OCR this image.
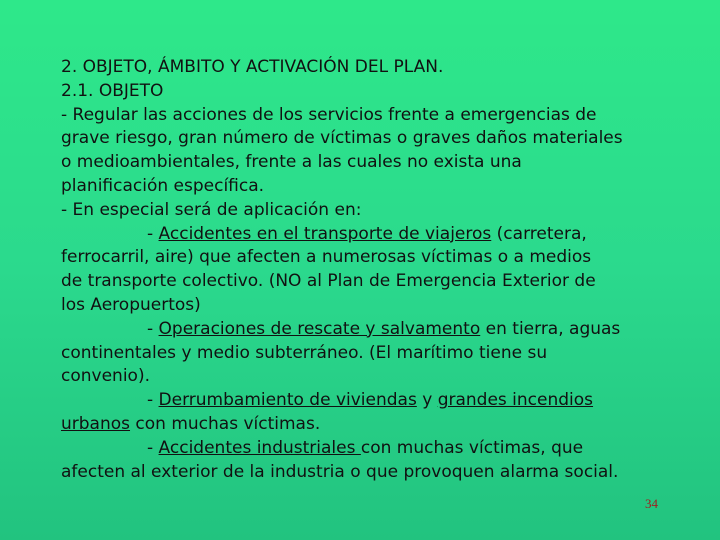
2. OBJETO, ÁMBITO Y ACTIVACIÓN DEL PLAN.
2.1. OBJETO
- Regular las acciones de los servicios frente a emergencias de
grave riesgo, gran número de víctimas o graves daños materiales
o medioambientales, frente a las cuales no exista una
planificación específica.
- En especial será de aplicación en:
- Accidentes en el transporte de viajeros (carretera,
ferrocarril, aire) que afecten a numerosas víctimas o a medios
de transporte colectivo. (NO al Plan de Emergencia Exterior de
los Aeropuertos)
- Operaciones de rescate y salvamento en tierra, aguas
continentales y medio subterráneo. (El marítimo tiene su
convenio).
- Derrumbamiento de viviendas y grandes incendios
urbanos con muchas víctimas.
- Accidentes industriales con muchas víctimas, que
afecten al exterior de la industria o que provoquen alarma social.
34
